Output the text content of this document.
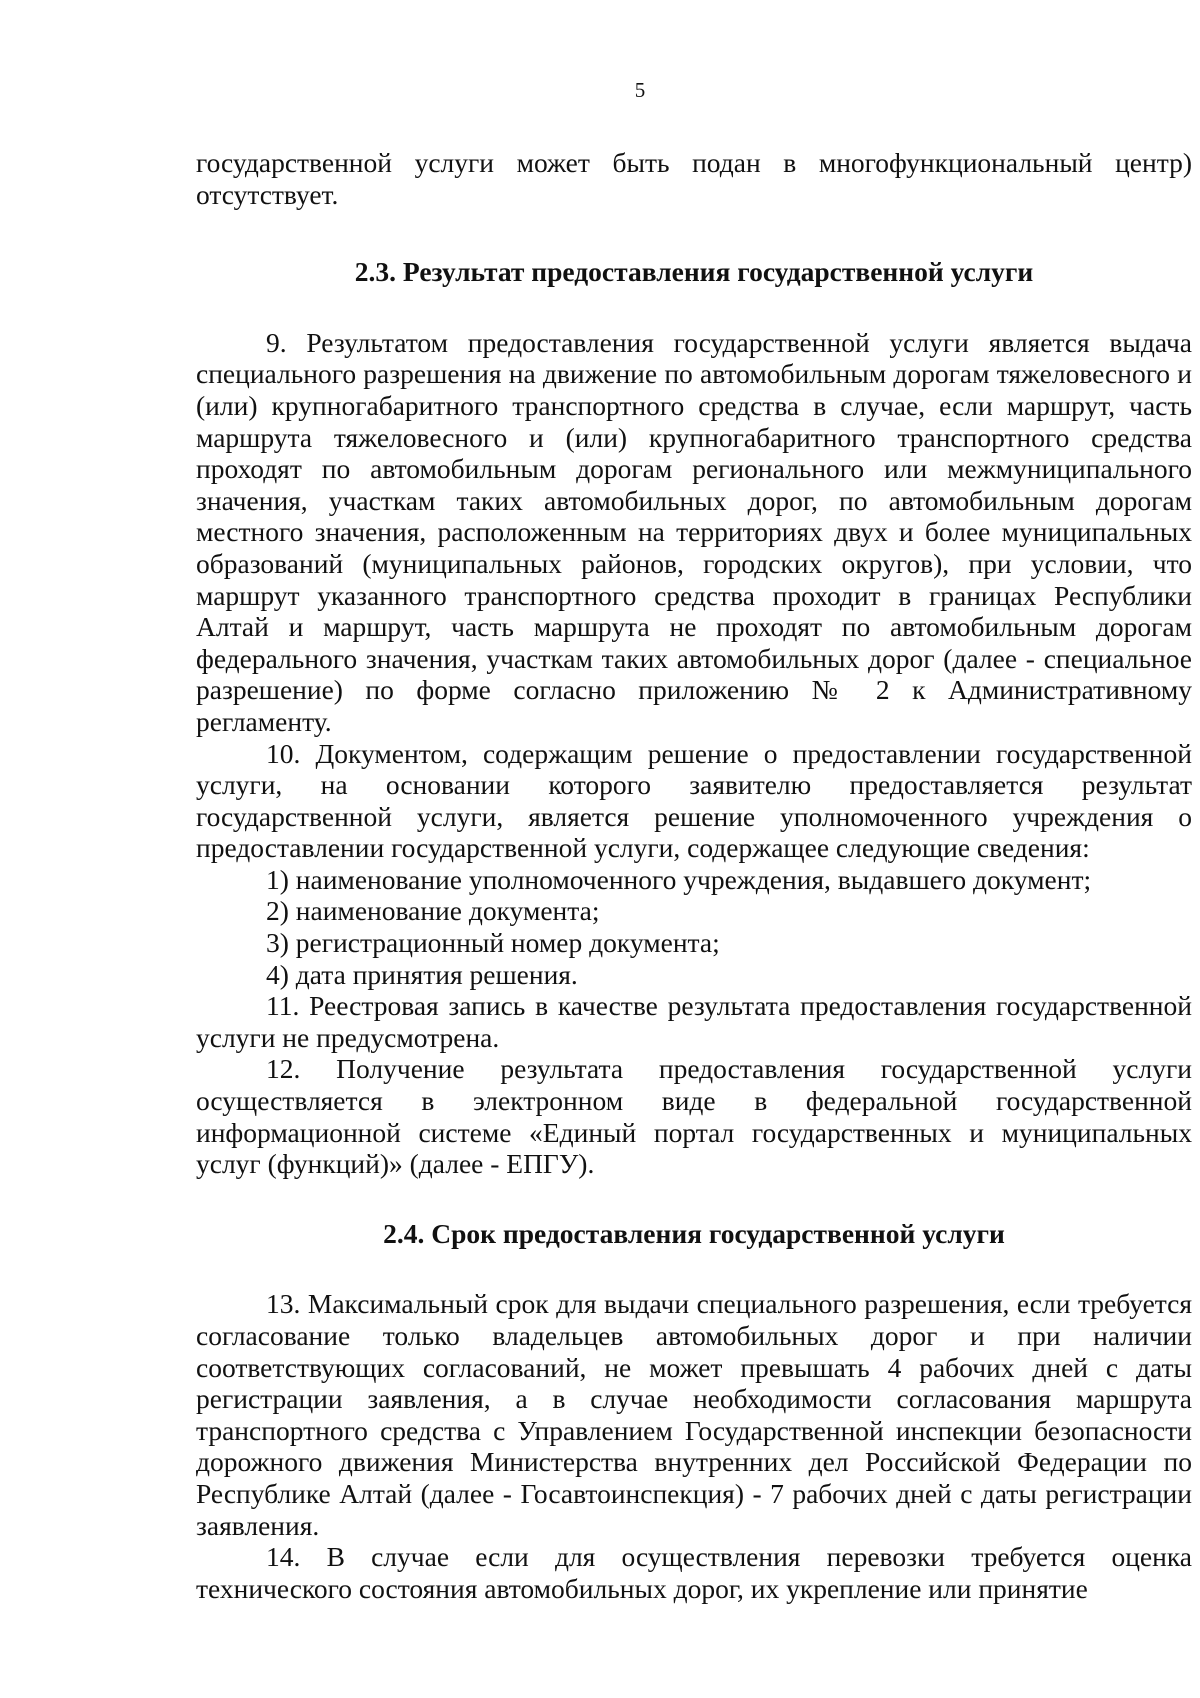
5

государственной услуги может быть подан в многофункциональный центр) отсутствует.

2.3. Результат предоставления государственной услуги

9. Результатом предоставления государственной услуги является выдача специального разрешения на движение по автомобильным дорогам тяжеловесного и (или) крупногабаритного транспортного средства в случае, если маршрут, часть маршрута тяжеловесного и (или) крупногабаритного транспортного средства проходят по автомобильным дорогам регионального или межмуниципального значения, участкам таких автомобильных дорог, по автомобильным дорогам местного значения, расположенным на территориях двух и более муниципальных образований (муниципальных районов, городских округов), при условии, что маршрут указанного транспортного средства проходит в границах Республики Алтай и маршрут, часть маршрута не проходят по автомобильным дорогам федерального значения, участкам таких автомобильных дорог (далее - специальное разрешение) по форме согласно приложению № 2 к Административному регламенту.

10. Документом, содержащим решение о предоставлении государственной услуги, на основании которого заявителю предоставляется результат государственной услуги, является решение уполномоченного учреждения о предоставлении государственной услуги, содержащее следующие сведения:

1) наименование уполномоченного учреждения, выдавшего документ;

2) наименование документа;

3) регистрационный номер документа;

4) дата принятия решения.

11. Реестровая запись в качестве результата предоставления государственной услуги не предусмотрена.

12. Получение результата предоставления государственной услуги осуществляется в электронном виде в федеральной государственной информационной системе «Единый портал государственных и муниципальных услуг (функций)» (далее - ЕПГУ).

2.4. Срок предоставления государственной услуги

13. Максимальный срок для выдачи специального разрешения, если требуется согласование только владельцев автомобильных дорог и при наличии соответствующих согласований, не может превышать 4 рабочих дней с даты регистрации заявления, а в случае необходимости согласования маршрута транспортного средства с Управлением Государственной инспекции безопасности дорожного движения Министерства внутренних дел Российской Федерации по Республике Алтай (далее - Госавтоинспекция) - 7 рабочих дней с даты регистрации заявления.

14. В случае если для осуществления перевозки требуется оценка технического состояния автомобильных дорог, их укрепление или принятие
